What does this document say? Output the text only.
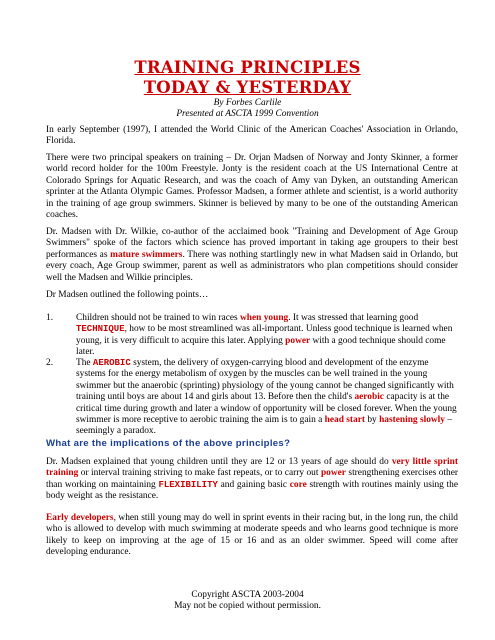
TRAINING PRINCIPLES
TODAY & YESTERDAY
By Forbes Carlile
Presented at ASCTA 1999 Convention

In early September (1997), I attended the World Clinic of the American Coaches' Association in Orlando, Florida.

There were two principal speakers on training – Dr. Orjan Madsen of Norway and Jonty Skinner, a former world record holder for the 100m Freestyle. Jonty is the resident coach at the US International Centre at Colorado Springs for Aquatic Research, and was the coach of Amy van Dyken, an outstanding American sprinter at the Atlanta Olympic Games. Professor Madsen, a former athlete and scientist, is a world authority in the training of age group swimmers. Skinner is believed by many to be one of the outstanding American coaches.

Dr. Madsen with Dr. Wilkie, co-author of the acclaimed book "Training and Development of Age Group Swimmers" spoke of the factors which science has proved important in taking age groupers to their best performances as mature swimmers. There was nothing startlingly new in what Madsen said in Orlando, but every coach, Age Group swimmer, parent as well as administrators who plan competitions should consider well the Madsen and Wilkie principles.

Dr Madsen outlined the following points…

1. Children should not be trained to win races when young. It was stressed that learning good TECHNIQUE, how to be most streamlined was all-important. Unless good technique is learned when young, it is very difficult to acquire this later. Applying power with a good technique should come later.
2. The AEROBIC system, the delivery of oxygen-carrying blood and development of the enzyme systems for the energy metabolism of oxygen by the muscles can be well trained in the young swimmer but the anaerobic (sprinting) physiology of the young cannot be changed significantly with training until boys are about 14 and girls about 13. Before then the child's aerobic capacity is at the critical time during growth and later a window of opportunity will be closed forever. When the young swimmer is more receptive to aerobic training the aim is to gain a head start by hastening slowly – seemingly a paradox.
What are the implications of the above principles?

Dr. Madsen explained that young children until they are 12 or 13 years of age should do very little sprint training or interval training striving to make fast repeats, or to carry out power strengthening exercises other than working on maintaining FLEXIBILITY and gaining basic core strength with routines mainly using the body weight as the resistance.

Early developers, when still young may do well in sprint events in their racing but, in the long run, the child who is allowed to develop with much swimming at moderate speeds and who learns good technique is more likely to keep on improving at the age of 15 or 16 and as an older swimmer. Speed will come after developing endurance.

Copyright ASCTA 2003-2004
May not be copied without permission.
